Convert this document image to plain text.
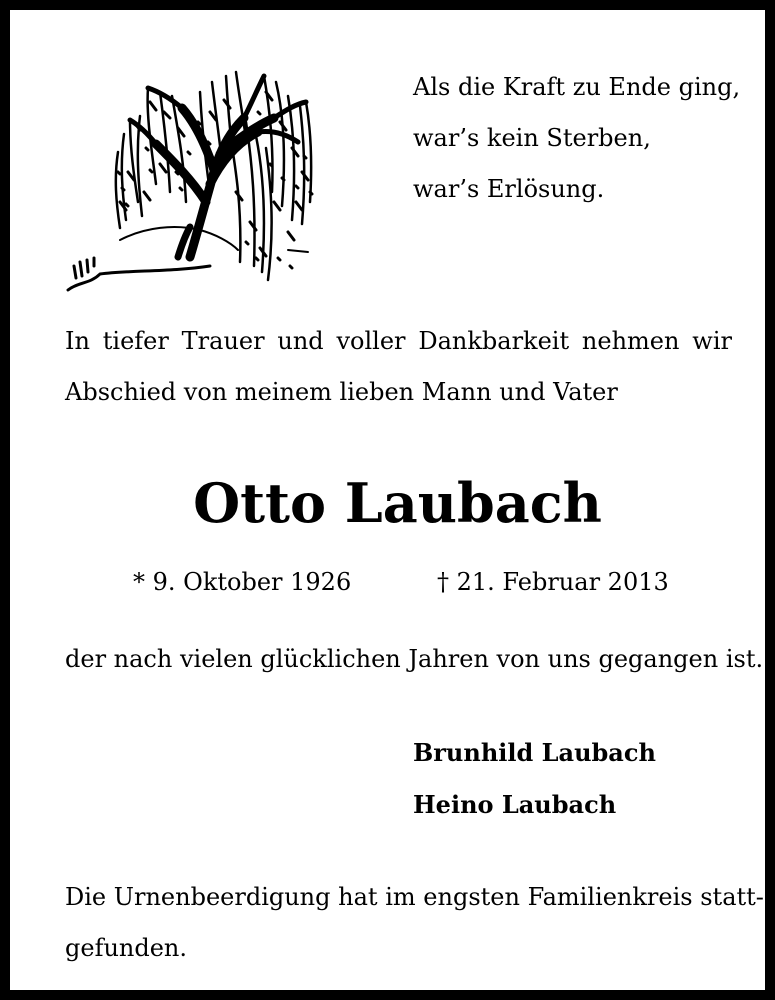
Als die Kraft zu Ende ging,
war’s kein Sterben,
war’s Erlösung.
In tiefer Trauer und voller Dankbarkeit nehmen wir
Abschied von meinem lieben Mann und Vater
Otto Laubach
* 9. Oktober 1926	† 21. Februar 2013
der nach vielen glücklichen Jahren von uns gegangen ist.
Brunhild Laubach
Heino Laubach
Die Urnenbeerdigung hat im engsten Familienkreis statt-
gefunden.
